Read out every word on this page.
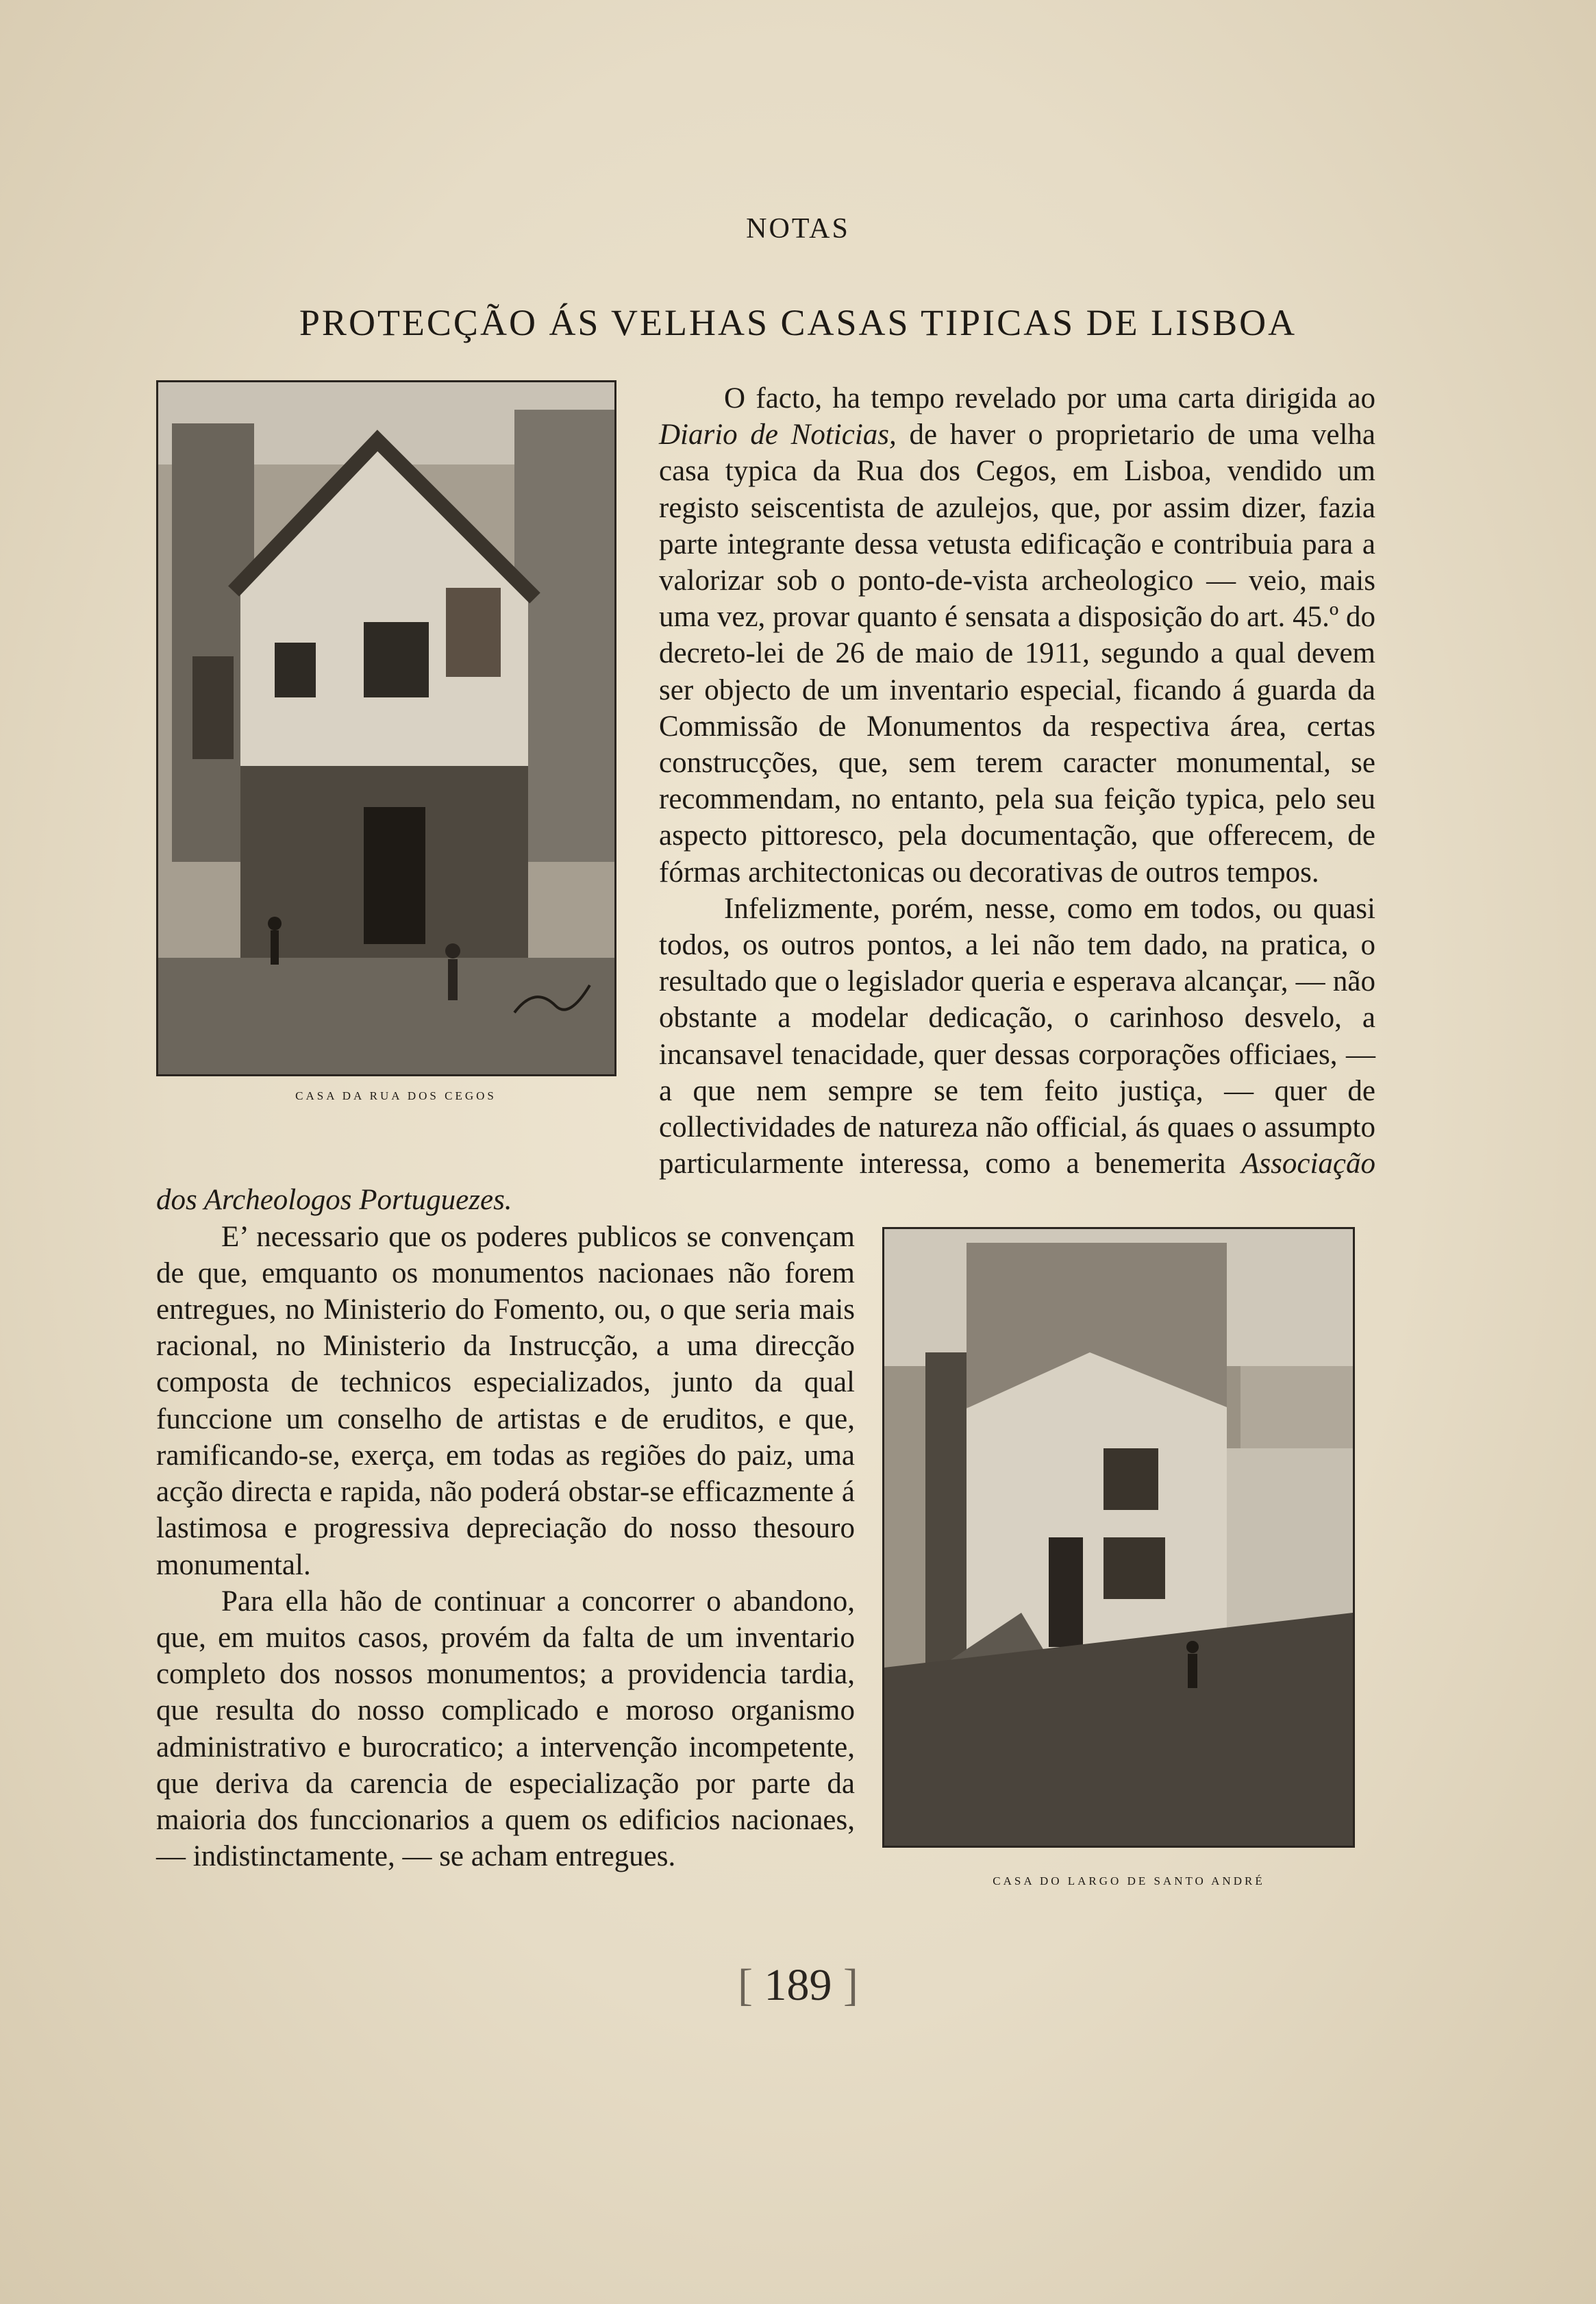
NOTAS
PROTECÇÃO ÁS VELHAS CASAS TIPICAS DE LISBOA
CASA DA RUA DOS CEGOS

O facto, ha tempo revelado por uma carta dirigida ao Diario de Noticias, de haver o proprietario de uma velha casa typica da Rua dos Cegos, em Lisboa, vendido um registo seiscentista de azulejos, que, por assim dizer, fazia parte integrante dessa vetusta edificação e contribuia para a valorizar sob o ponto-de-vista archeologico — veio, mais uma vez, provar quanto é sensata a disposição do art. 45.º do decreto-lei de 26 de maio de 1911, segundo a qual devem ser objecto de um inventario especial, ficando á guarda da Commissão de Monumentos da respectiva área, certas construcções, que, sem terem caracter monumental, se recommendam, no entanto, pela sua feição typica, pelo seu aspecto pittoresco, pela documentação, que offerecem, de fórmas architectonicas ou decorativas de outros tempos.

Infelizmente, porém, nesse, como em todos, ou quasi todos, os outros pontos, a lei não tem dado, na pratica, o resultado que o legislador queria e esperava alcançar, — não obstante a modelar dedicação, o carinhoso desvelo, a incansavel tenacidade, quer dessas corporações officiaes, — a que nem sempre se tem feito justiça, — quer de collectividades de natureza não official, ás quaes o assumpto particularmente interessa, como a benemerita Associação dos Archeologos Portuguezes.

CASA DO LARGO DE SANTO ANDRÉ

E’ necessario que os poderes publicos se convençam de que, emquanto os monumentos nacionaes não forem entregues, no Ministerio do Fomento, ou, o que seria mais racional, no Ministerio da Instrucção, a uma direcção composta de technicos especializados, junto da qual funccione um conselho de artistas e de eruditos, e que, ramificando-se, exerça, em todas as regiões do paiz, uma acção directa e rapida, não poderá obstar-se efficazmente á lastimosa e progressiva depreciação do nosso thesouro monumental.

Para ella hão de continuar a concorrer o abandono, que, em muitos casos, provém da falta de um inventario completo dos nossos monumentos; a providencia tardia, que resulta do nosso complicado e moroso organismo administrativo e burocratico; a intervenção incompetente, que deriva da carencia de especialização por parte da maioria dos funccionarios a quem os edificios nacionaes, — indistinctamente, — se acham entregues.

[ 189 ]
